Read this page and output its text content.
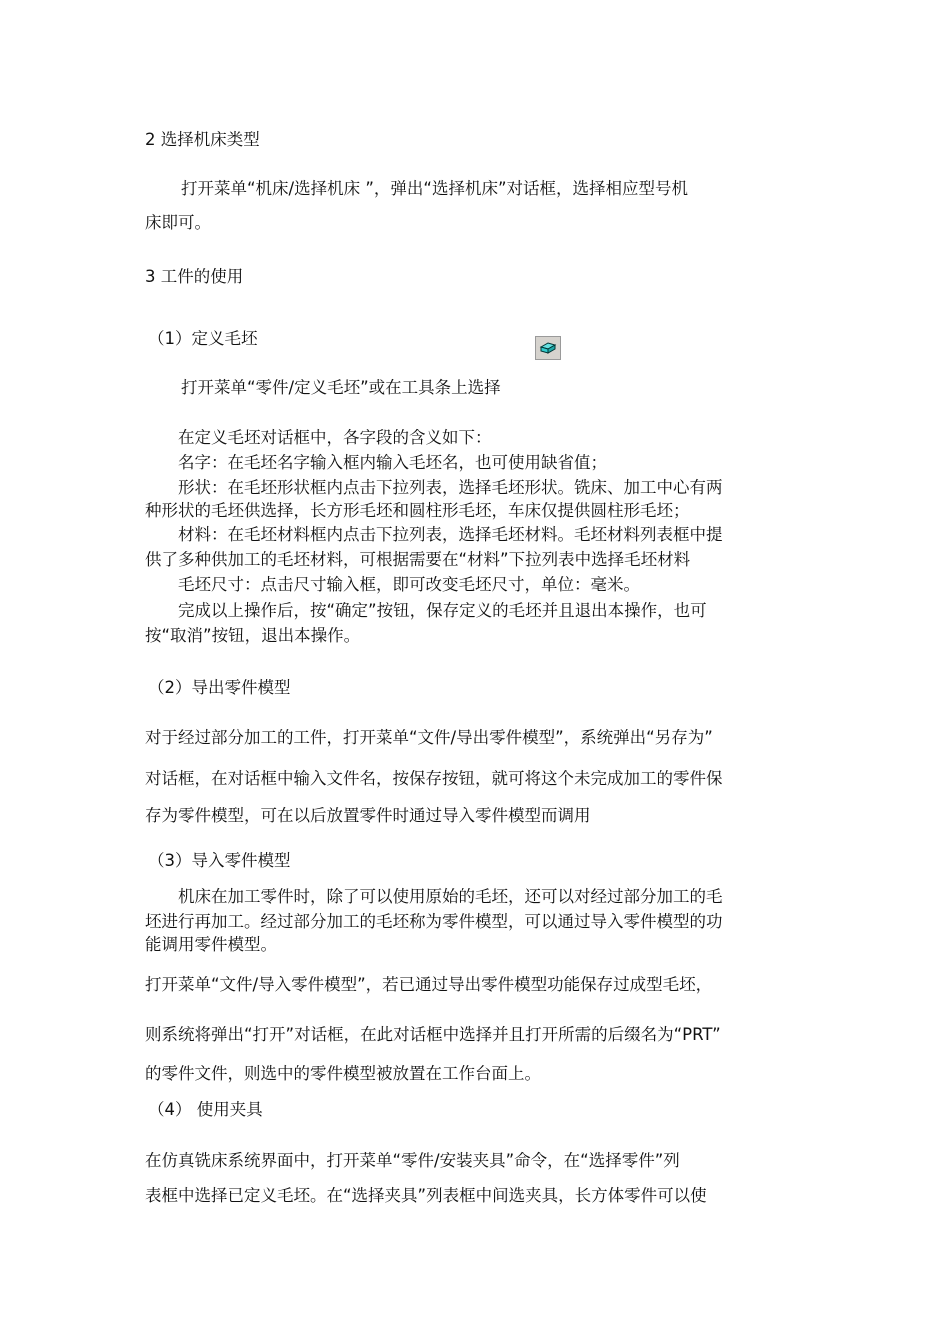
2 选择机床类型
打开菜单“机床/选择机床 ”，弹出“选择机床”对话框，选择相应型号机
床即可。
3 工件的使用
（1）定义毛坯
打开菜单“零件/定义毛坯”或在工具条上选择
在定义毛坯对话框中，各字段的含义如下：
名字：在毛坯名字输入框内输入毛坯名，也可使用缺省值；
形状：在毛坯形状框内点击下拉列表，选择毛坯形状。铣床、加工中心有两
种形状的毛坯供选择，长方形毛坯和圆柱形毛坯，车床仅提供圆柱形毛坯；
材料：在毛坯材料框内点击下拉列表，选择毛坯材料。毛坯材料列表框中提
供了多种供加工的毛坯材料，可根据需要在“材料”下拉列表中选择毛坯材料
毛坯尺寸：点击尺寸输入框，即可改变毛坯尺寸，单位：毫米。
完成以上操作后，按“确定”按钮，保存定义的毛坯并且退出本操作，也可
按“取消”按钮，退出本操作。
（2）导出零件模型
对于经过部分加工的工件，打开菜单“文件/导出零件模型”，系统弹出“另存为”
对话框，在对话框中输入文件名，按保存按钮，就可将这个未完成加工的零件保
存为零件模型，可在以后放置零件时通过导入零件模型而调用
（3）导入零件模型
机床在加工零件时，除了可以使用原始的毛坯，还可以对经过部分加工的毛
坯进行再加工。经过部分加工的毛坯称为零件模型，可以通过导入零件模型的功
能调用零件模型。
打开菜单“文件/导入零件模型”，若已通过导出零件模型功能保存过成型毛坯，
则系统将弹出“打开”对话框，在此对话框中选择并且打开所需的后缀名为“PRT”
的零件文件，则选中的零件模型被放置在工作台面上。
（4） 使用夹具
在仿真铣床系统界面中，打开菜单“零件/安装夹具”命令，在“选择零件”列
表框中选择已定义毛坯。在“选择夹具”列表框中间选夹具，长方体零件可以使
